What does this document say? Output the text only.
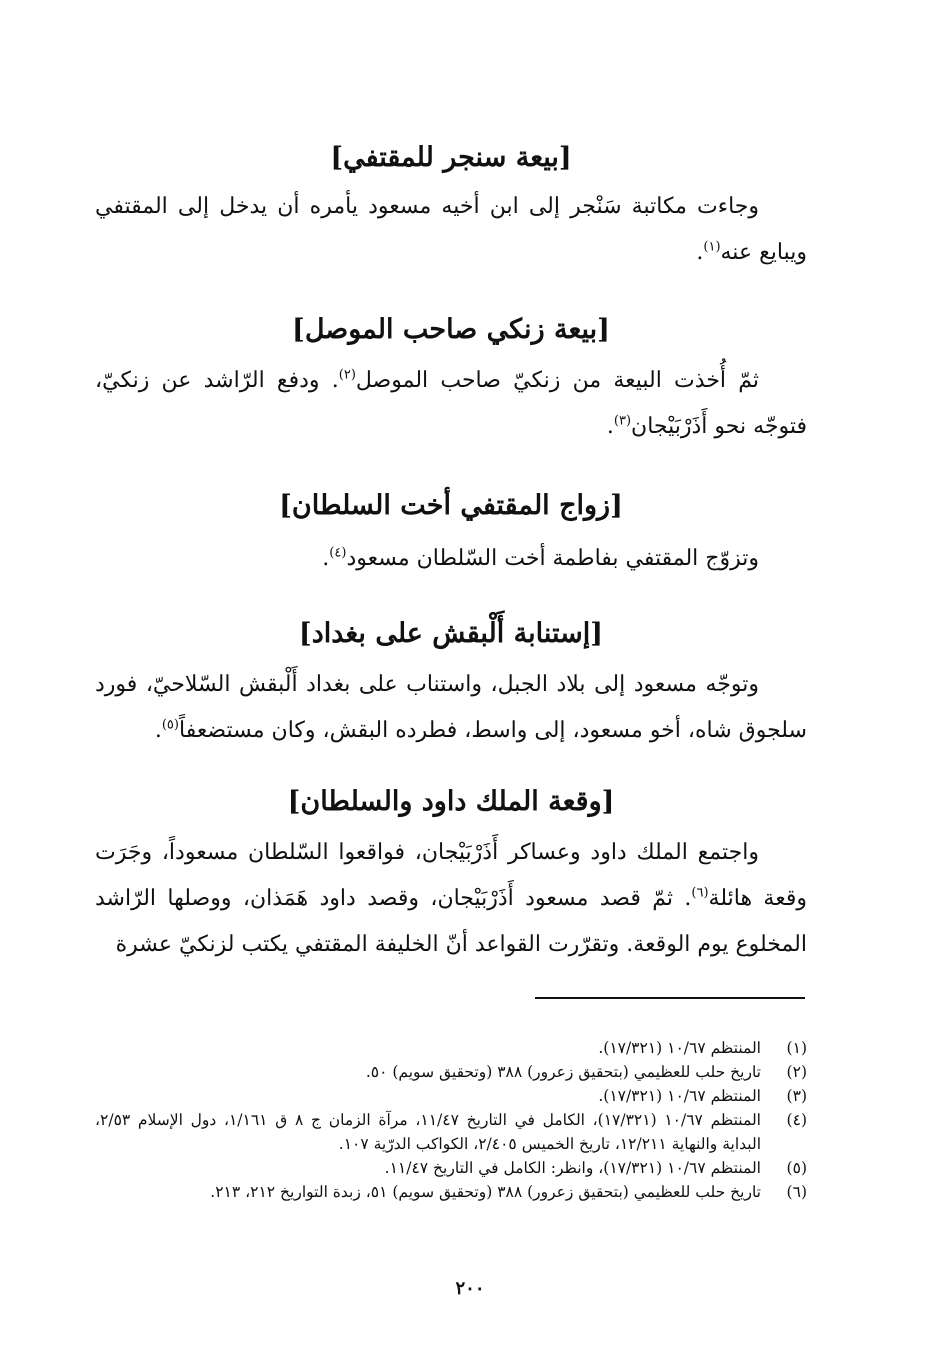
[بيعة سنجر للمقتفي]

وجاءت مكاتبة سَنْجر إلى ابن أخيه مسعود يأمره أن يدخل إلى المقتفي ويبايع عنه$^{(١)}$.

[بيعة زنكي صاحب الموصل]

ثمّ أُخذت البيعة من زنكيّ صاحب الموصل$^{(٢)}$. ودفع الرّاشد عن زنكيّ، فتوجّه نحو أَذَرْبَيْجان$^{(٣)}$.

[زواج المقتفي أخت السلطان]

وتزوّج المقتفي بفاطمة أخت السّلطان مسعود$^{(٤)}$.

[إستنابة أَلْبقش على بغداد]

وتوجّه مسعود إلى بلاد الجبل، واستناب على بغداد أَلْبقش السّلاحيّ، فورد سلجوق شاه، أخو مسعود، إلى واسط، فطرده البقش، وكان مستضعفاً$^{(٥)}$.

[وقعة الملك داود والسلطان]

واجتمع الملك داود وعساكر أَذَرْبَيْجان، فواقعوا السّلطان مسعوداً، وجَرَت وقعة هائلة$^{(٦)}$. ثمّ قصد مسعود أَذَرْبَيْجان، وقصد داود هَمَذان، ووصلها الرّاشد المخلوع يوم الوقعة. وتقرّرت القواعد أنّ الخليفة المقتفي يكتب لزنكيّ عشرة

(١)
المنتظم ١٠/٦٧ (١٧/٣٢١).
(٢)
تاريخ حلب للعظيمي (بتحقيق زعرور) ٣٨٨ (وتحقيق سويم) ٥٠.
(٣)
المنتظم ١٠/٦٧ (١٧/٣٢١).
(٤)
المنتظم ١٠/٦٧ (١٧/٣٢١)، الكامل في التاريخ ١١/٤٧، مرآة الزمان ج ٨ ق ١/١٦١، دول الإسلام ٢/٥٣، البداية والنهاية ١٢/٢١١، تاريخ الخميس ٢/٤٠٥، الكواكب الدرّية ١٠٧.
(٥)
المنتظم ١٠/٦٧ (١٧/٣٢١)، وانظر: الكامل في التاريخ ١١/٤٧.
(٦)
تاريخ حلب للعظيمي (بتحقيق زعرور) ٣٨٨ (وتحقيق سويم) ٥١، زبدة التواريخ ٢١٢، ٢١٣.
٢٠٠
